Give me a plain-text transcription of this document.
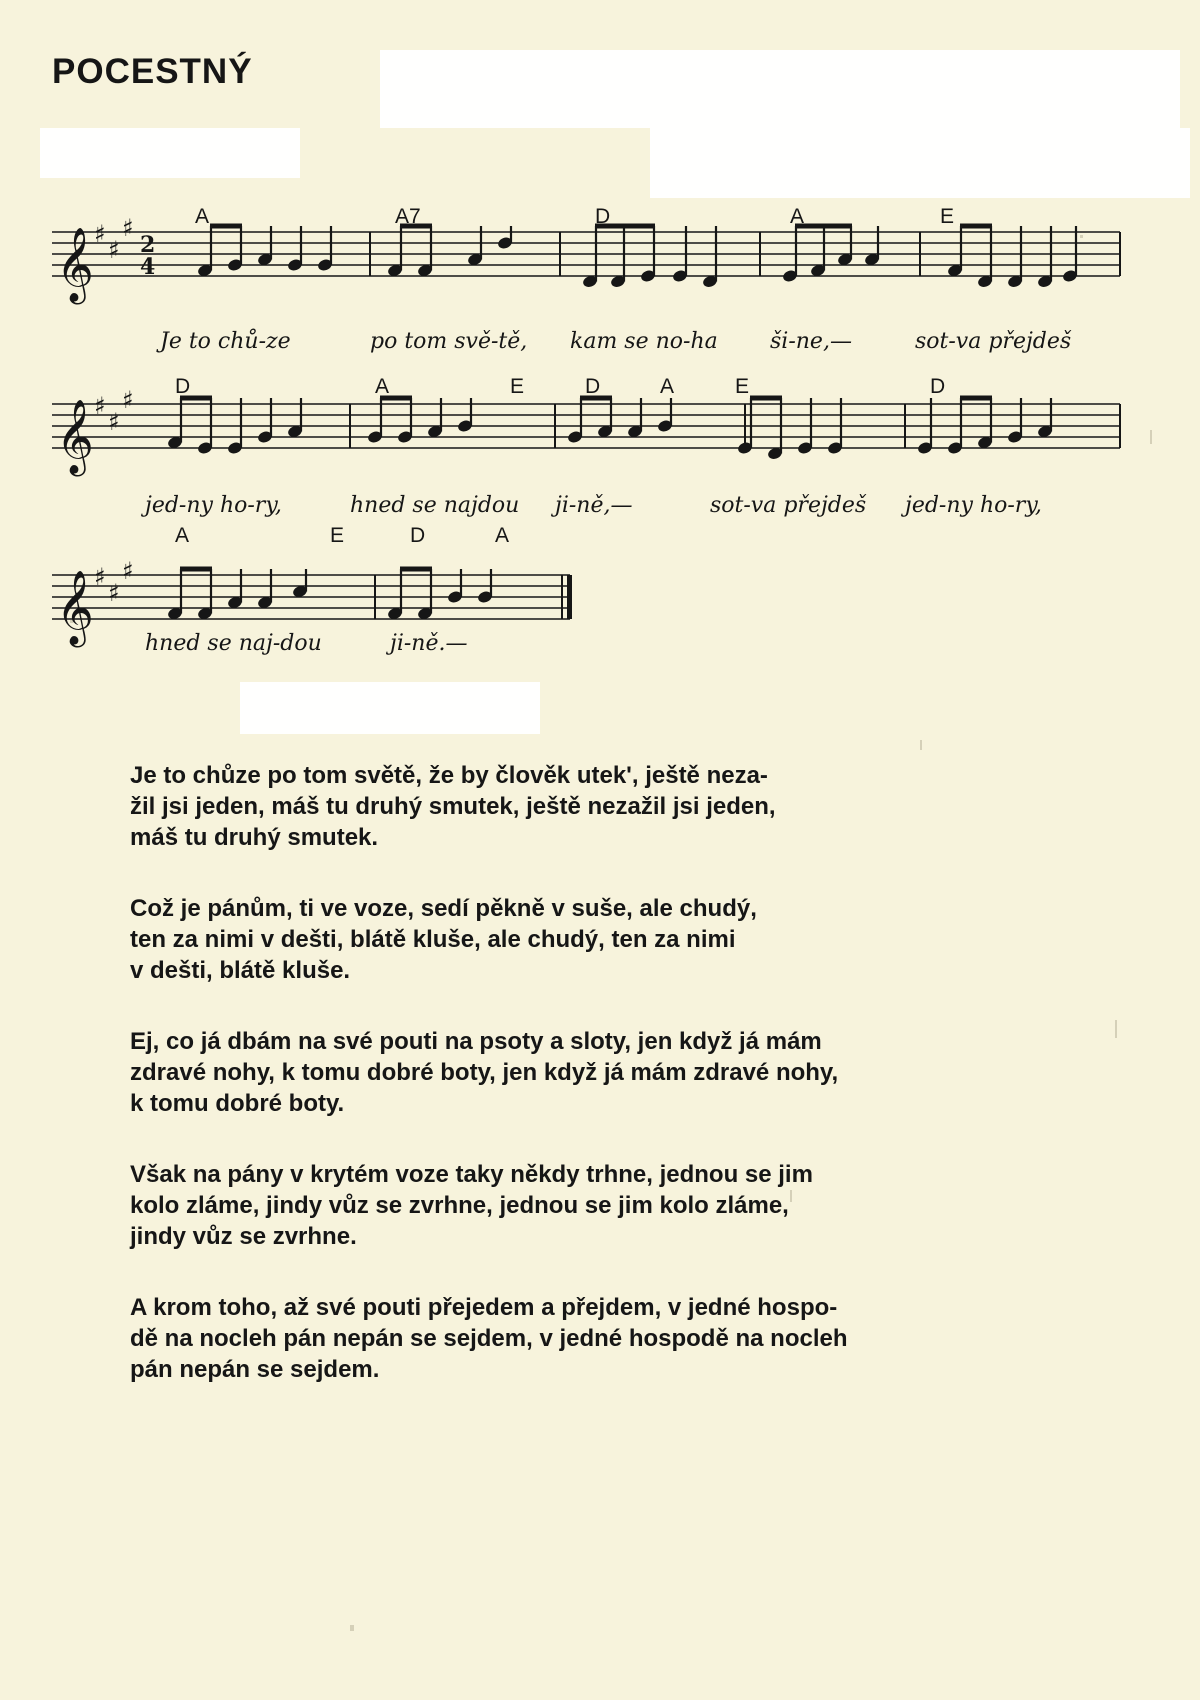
POCESTNÝ
𝄞 ♯
♯
♯
2
4
A	A7	D	A	E
Je to chů-ze	po tom svě-tě, kam se no-ha ši-ne,—	sot-va přejdeš
𝄞 ♯
♯
♯ D	A	E	D	A	E	D
jed-ny ho-ry,	hned se najdou ji-ně,—	sot-va přejdeš jed-ny ho-ry,
𝄞 ♯
♯
♯
A	E	D	A
hned se naj-dou	ji-ně.—

Je to chůze po tom světě, že by člověk utek', ještě neza-
žil jsi jeden, máš tu druhý smutek, ještě nezažil jsi jeden,
máš tu druhý smutek.

Což je pánům, ti ve voze, sedí pěkně v suše, ale chudý,
ten za nimi v dešti, blátě kluše, ale chudý, ten za nimi
v dešti, blátě kluše.

Ej, co já dbám na své pouti na psoty a sloty, jen když já mám
zdravé nohy, k tomu dobré boty, jen když já mám zdravé nohy,
k tomu dobré boty.

Však na pány v krytém voze taky někdy trhne, jednou se jim
kolo zláme, jindy vůz se zvrhne, jednou se jim kolo zláme,
jindy vůz se zvrhne.

A krom toho, až své pouti přejedem a přejdem, v jedné hospo-
dě na nocleh pán nepán se sejdem, v jedné hospodě na nocleh
pán nepán se sejdem.
